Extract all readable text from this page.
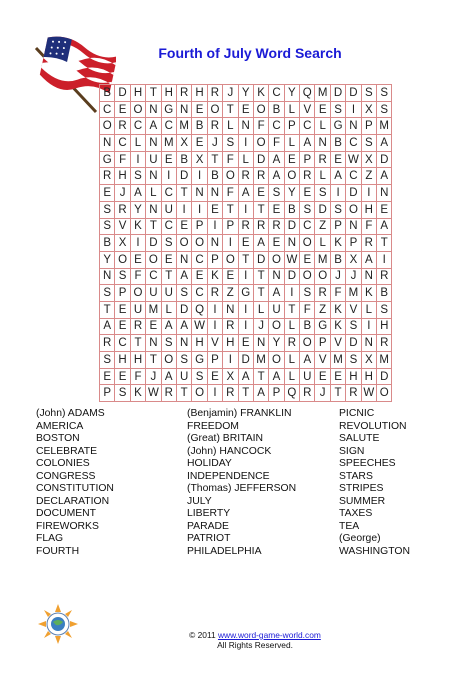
Fourth of July Word Search
B	D	H	T	H	R	H	R	J	Y	K	C	Y	Q	M	D	D	S	S
C	E	O	N	G	N	E	O	T	E	O	B	L	V	E	S	I	X	S
O	R	C	A	C	M	B	R	L	N	F	C	P	C	L	G	N	P	M
N	C	L	N	M	X	E	J	S	I	O	F	L	A	N	B	C	S	A
G	F	I	U	E	B	X	T	F	L	D	A	E	P	R	E	W	X	D
R	H	S	N	I	D	I	B	O	R	R	A	O	R	L	A	C	Z	A
E	J	A	L	C	T	N	N	F	A	E	S	Y	E	S	I	D	I	N
S	R	Y	N	U	I	I	E	T	I	T	E	B	S	D	S	O	H	E
S	V	K	T	C	E	P	I	P	R	R	R	D	C	Z	P	N	F	A
B	X	I	D	S	O	O	N	I	E	A	E	N	O	L	K	P	R	T
Y	O	E	O	E	N	C	P	O	T	D	O	W	E	M	B	X	A	I
N	S	F	C	T	A	E	K	E	I	T	N	D	O	O	J	J	N	R
S	P	O	U	U	S	C	R	Z	G	T	A	I	S	R	F	M	K	B
T	E	U	M	L	D	Q	I	N	I	L	U	T	F	Z	K	V	L	S
A	E	R	E	A	A	W	I	R	I	J	O	L	B	G	K	S	I	H
R	C	T	N	S	N	H	V	H	E	N	Y	R	O	P	V	D	N	R
S	H	H	T	O	S	G	P	I	D	M	O	L	A	V	M	S	X	M
E	E	F	J	A	U	S	E	X	A	T	A	L	U	E	E	H	H	D
P	S	K	W	R	T	O	I	R	T	A	P	Q	R	J	T	R	W	O
(John) ADAMS
AMERICA
BOSTON
CELEBRATE
COLONIES
CONGRESS
CONSTITUTION
DECLARATION
DOCUMENT
FIREWORKS
FLAG
FOURTH
(Benjamin) FRANKLIN
FREEDOM
(Great) BRITAIN
(John) HANCOCK
HOLIDAY
INDEPENDENCE
(Thomas) JEFFERSON
JULY
LIBERTY
PARADE
PATRIOT
PHILADELPHIA
PICNIC
REVOLUTION
SALUTE
SIGN
SPEECHES
STARS
STRIPES
SUMMER
TAXES
TEA
(George)
WASHINGTON
© 2011 www.word-game-world.com
All Rights Reserved.
